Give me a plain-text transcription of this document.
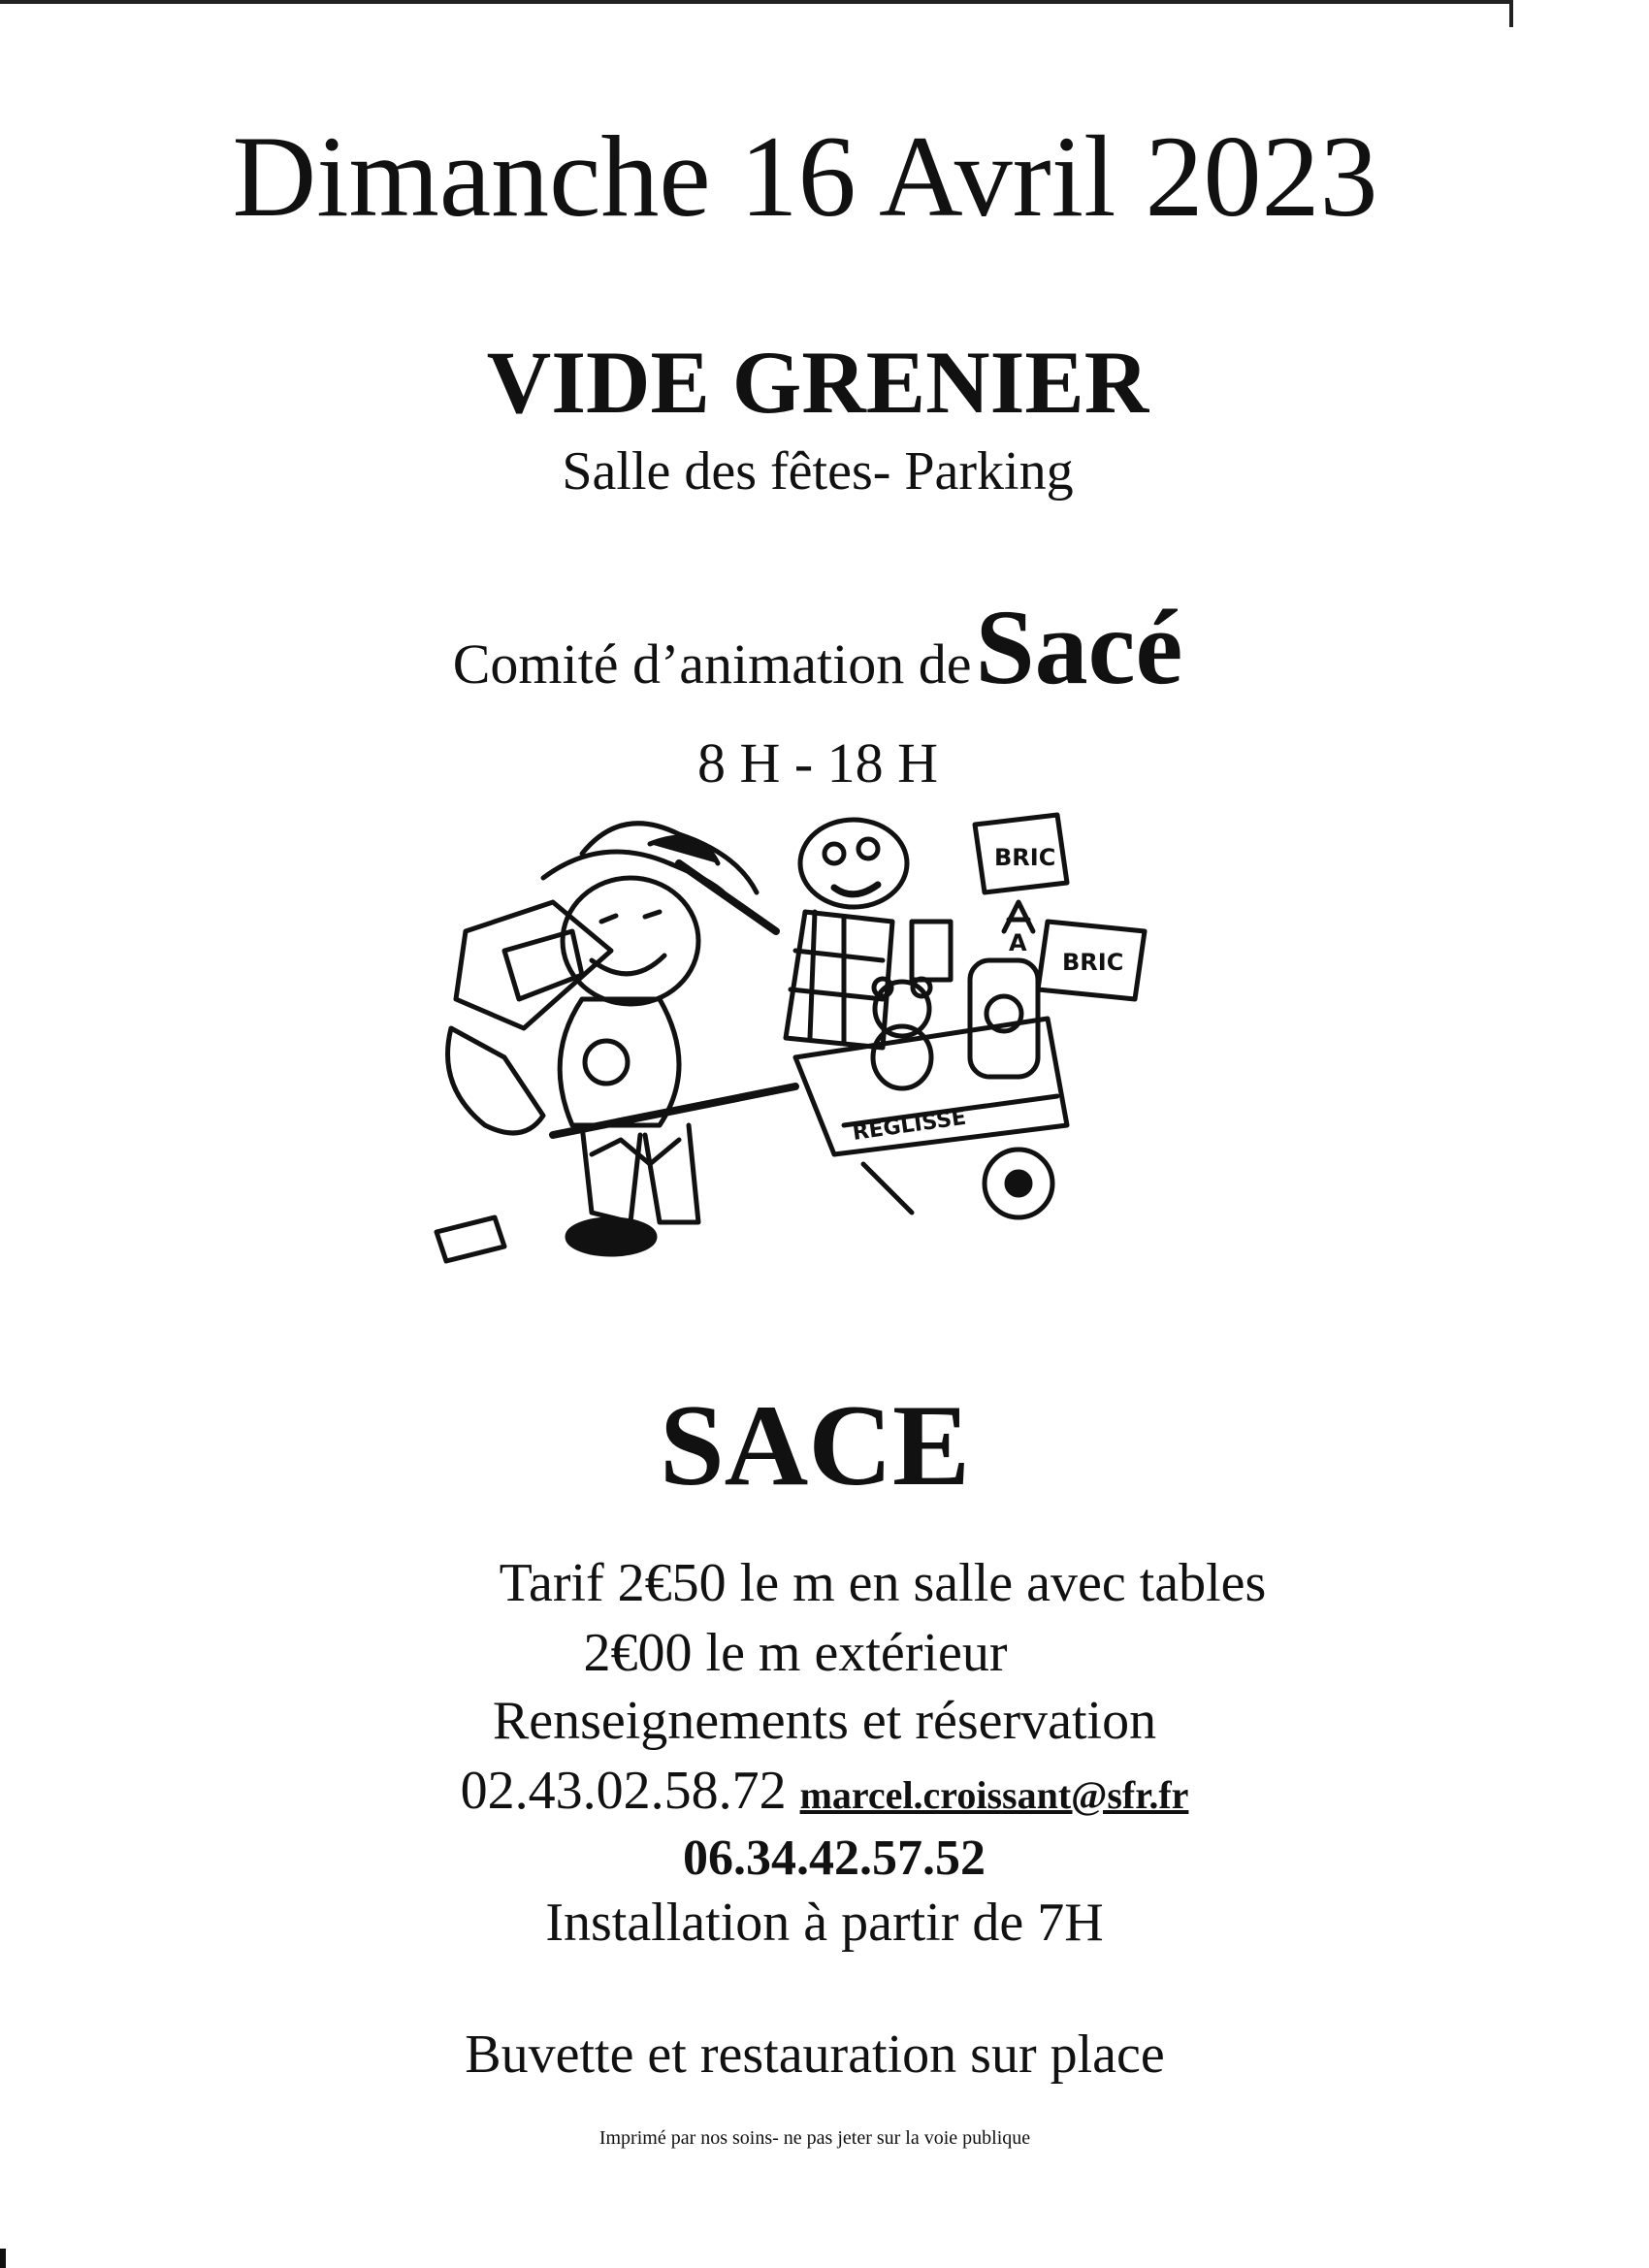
Dimanche 16 Avril 2023
VIDE GRENIER
Salle des fêtes- Parking
Comité d’animation de Sacé
8 H - 18 H
BRIC
A
BRIC
REGLISSE
SACE
Tarif 2€50 le m en salle avec tables
2€00 le m extérieur
Renseignements et réservation
02.43.02.58.72 marcel.croissant@sfr.fr
06.34.42.57.52
Installation à partir de 7H
Buvette et restauration sur place
Imprimé par nos soins- ne pas jeter sur la voie publique
